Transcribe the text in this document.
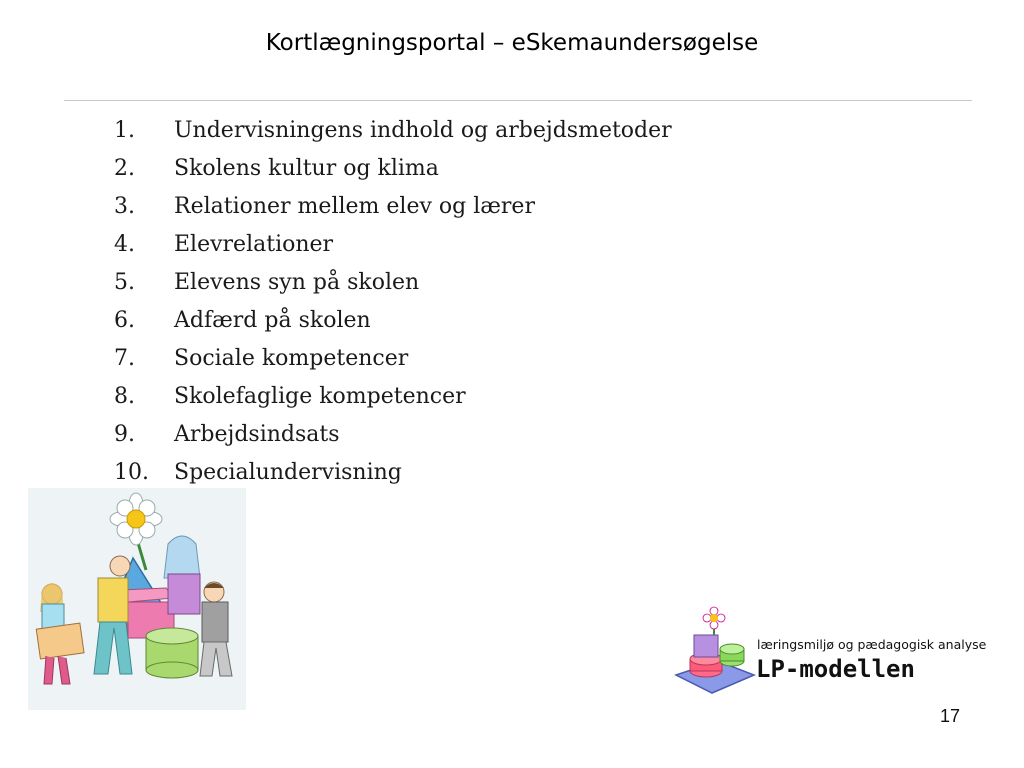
Kortlægningsportal – eSkemaundersøgelse
1.	Undervisningens indhold og arbejdsmetoder
2.	Skolens kultur og klima
3.	Relationer mellem elev og lærer
4.	Elevrelationer
5.	Elevens syn på skolen
6.	Adfærd på skolen
7.	Sociale kompetencer
8.	Skolefaglige kompetencer
9.	Arbejdsindsats
10.	Specialundervisning
læringsmiljø og pædagogisk analyse
LP-modellen
17
